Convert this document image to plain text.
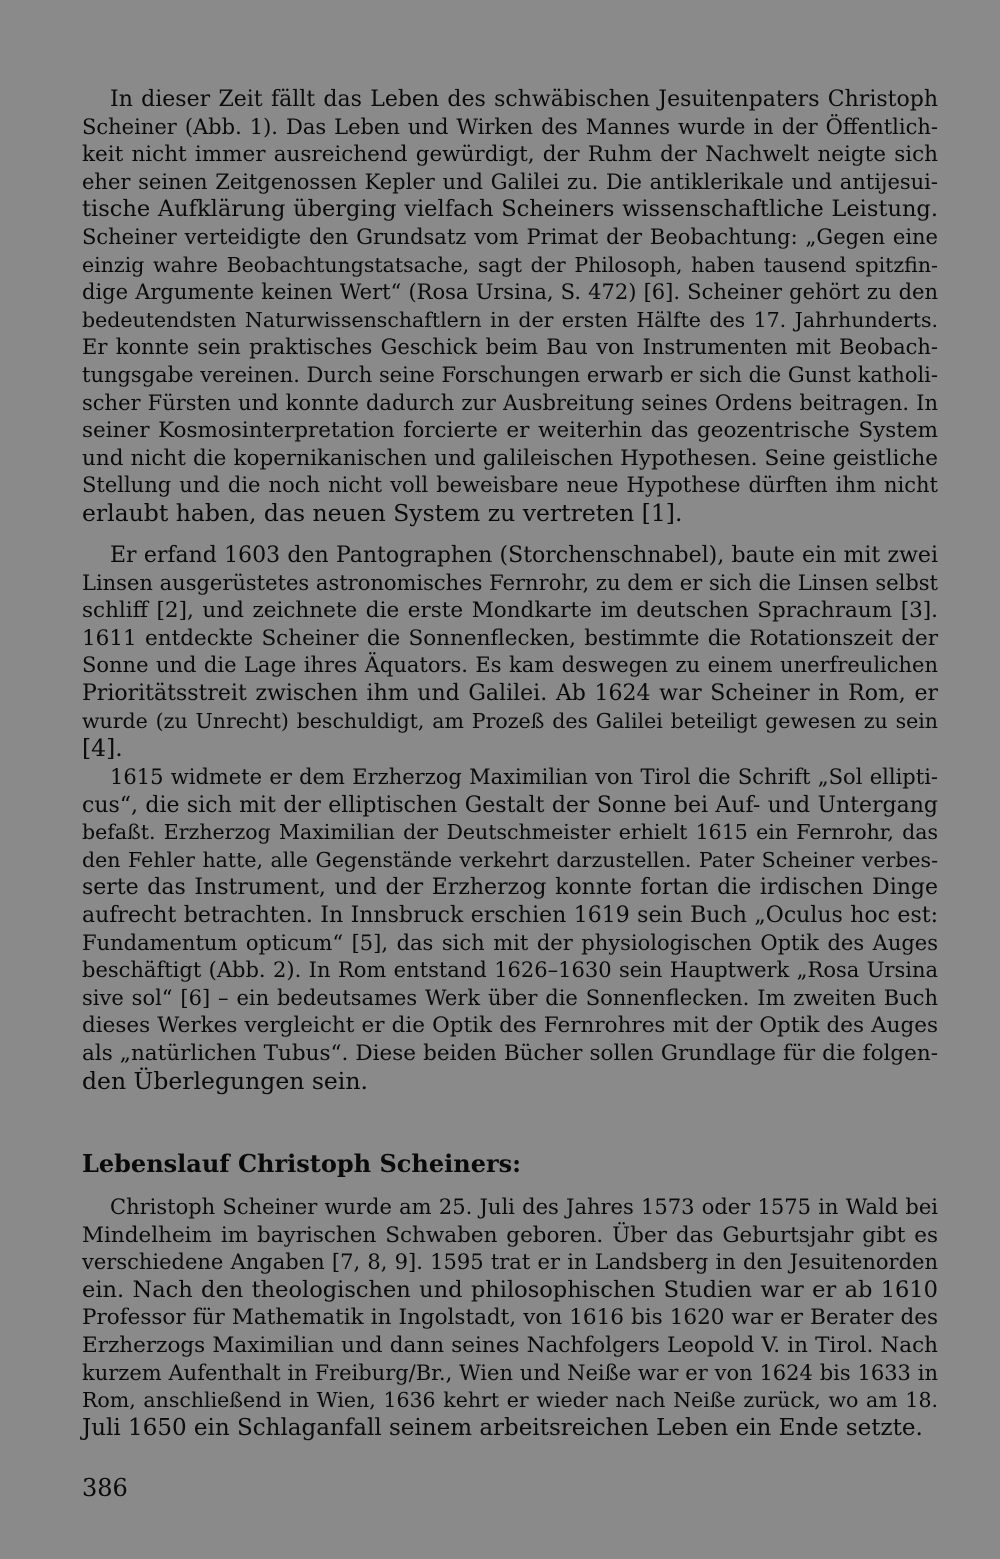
In dieser Zeit fällt das Leben des schwäbischen Jesuitenpaters Christoph
Scheiner (Abb. 1). Das Leben und Wirken des Mannes wurde in der Öffentlich-
keit nicht immer ausreichend gewürdigt, der Ruhm der Nachwelt neigte sich
eher seinen Zeitgenossen Kepler und Galilei zu. Die antiklerikale und antijesui-
tische Aufklärung überging vielfach Scheiners wissenschaftliche Leistung.
Scheiner verteidigte den Grundsatz vom Primat der Beobachtung: „Gegen eine
einzig wahre Beobachtungstatsache, sagt der Philosoph, haben tausend spitzfin-
dige Argumente keinen Wert“ (Rosa Ursina, S. 472) [6]. Scheiner gehört zu den
bedeutendsten Naturwissenschaftlern in der ersten Hälfte des 17. Jahrhunderts.
Er konnte sein praktisches Geschick beim Bau von Instrumenten mit Beobach-
tungsgabe vereinen. Durch seine Forschungen erwarb er sich die Gunst katholi-
scher Fürsten und konnte dadurch zur Ausbreitung seines Ordens beitragen. In
seiner Kosmosinterpretation forcierte er weiterhin das geozentrische System
und nicht die kopernikanischen und galileischen Hypothesen. Seine geistliche
Stellung und die noch nicht voll beweisbare neue Hypothese dürften ihm nicht
erlaubt haben, das neuen System zu vertreten [1].
Er erfand 1603 den Pantographen (Storchenschnabel), baute ein mit zwei
Linsen ausgerüstetes astronomisches Fernrohr, zu dem er sich die Linsen selbst
schliff [2], und zeichnete die erste Mondkarte im deutschen Sprachraum [3].
1611 entdeckte Scheiner die Sonnenflecken, bestimmte die Rotationszeit der
Sonne und die Lage ihres Äquators. Es kam deswegen zu einem unerfreulichen
Prioritätsstreit zwischen ihm und Galilei. Ab 1624 war Scheiner in Rom, er
wurde (zu Unrecht) beschuldigt, am Prozeß des Galilei beteiligt gewesen zu sein
[4].
1615 widmete er dem Erzherzog Maximilian von Tirol die Schrift „Sol ellipti-
cus“, die sich mit der elliptischen Gestalt der Sonne bei Auf- und Untergang
befaßt. Erzherzog Maximilian der Deutschmeister erhielt 1615 ein Fernrohr, das
den Fehler hatte, alle Gegenstände verkehrt darzustellen. Pater Scheiner verbes-
serte das Instrument, und der Erzherzog konnte fortan die irdischen Dinge
aufrecht betrachten. In Innsbruck erschien 1619 sein Buch „Oculus hoc est:
Fundamentum opticum“ [5], das sich mit der physiologischen Optik des Auges
beschäftigt (Abb. 2). In Rom entstand 1626–1630 sein Hauptwerk „Rosa Ursina
sive sol“ [6] – ein bedeutsames Werk über die Sonnenflecken. Im zweiten Buch
dieses Werkes vergleicht er die Optik des Fernrohres mit der Optik des Auges
als „natürlichen Tubus“. Diese beiden Bücher sollen Grundlage für die folgen-
den Überlegungen sein.
Lebenslauf Christoph Scheiners:
Christoph Scheiner wurde am 25. Juli des Jahres 1573 oder 1575 in Wald bei
Mindelheim im bayrischen Schwaben geboren. Über das Geburtsjahr gibt es
verschiedene Angaben [7, 8, 9]. 1595 trat er in Landsberg in den Jesuitenorden
ein. Nach den theologischen und philosophischen Studien war er ab 1610
Professor für Mathematik in Ingolstadt, von 1616 bis 1620 war er Berater des
Erzherzogs Maximilian und dann seines Nachfolgers Leopold V. in Tirol. Nach
kurzem Aufenthalt in Freiburg/Br., Wien und Neiße war er von 1624 bis 1633 in
Rom, anschließend in Wien, 1636 kehrt er wieder nach Neiße zurück, wo am 18.
Juli 1650 ein Schlaganfall seinem arbeitsreichen Leben ein Ende setzte.
386
